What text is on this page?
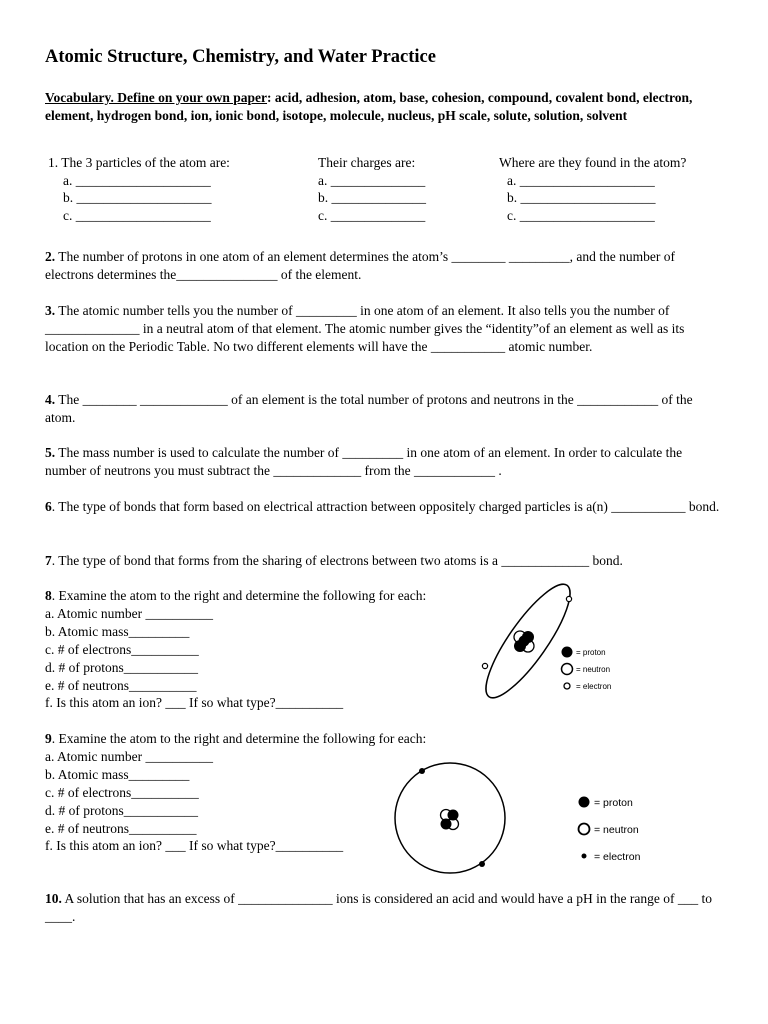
Atomic Structure, Chemistry, and Water Practice
Vocabulary. Define on your own paper: acid, adhesion, atom, base, cohesion, compound, covalent bond, electron, element, hydrogen bond, ion, ionic bond, isotope, molecule, nucleus, pH scale, solute, solution, solvent
1. The 3 particles of the atom are:
a. ____________________
b. ____________________
c. ____________________
Their charges are:
a. ______________
b. ______________
c. ______________
Where are they found in the atom?
a. ____________________
b. ____________________
c. ____________________
2. The number of protons in one atom of an element determines the atom’s ________ _________, and the number of electrons determines the_______________ of the element.
3. The atomic number tells you the number of _________ in one atom of an element. It also tells you the number of ______________ in a neutral atom of that element. The atomic number gives the “identity”of an element as well as its location on the Periodic Table. No two different elements will have the ___________ atomic number.
4. The ________ _____________ of an element is the total number of protons and neutrons in the ____________ of the atom.
5. The mass number is used to calculate the number of _________ in one atom of an element. In order to calculate the number of neutrons you must subtract the _____________ from the ____________ .
6. The type of bonds that form based on electrical attraction between oppositely charged particles is a(n) ___________ bond.
7. The type of bond that forms from the sharing of electrons between two atoms is a _____________ bond.
8. Examine the atom to the right and determine the following for each:
a. Atomic number __________
b. Atomic mass_________
c. # of electrons__________
d. # of protons___________
e. # of neutrons__________
f. Is this atom an ion? ___ If so what type?__________
= proton
= neutron
= electron
9. Examine the atom to the right and determine the following for each:
a. Atomic number __________
b. Atomic mass_________
c. # of electrons__________
d. # of protons___________
e. # of neutrons__________
f. Is this atom an ion? ___ If so what type?__________
= proton
= neutron
= electron
10. A solution that has an excess of ______________ ions is considered an acid and would have a pH in the range of ___ to ____.
